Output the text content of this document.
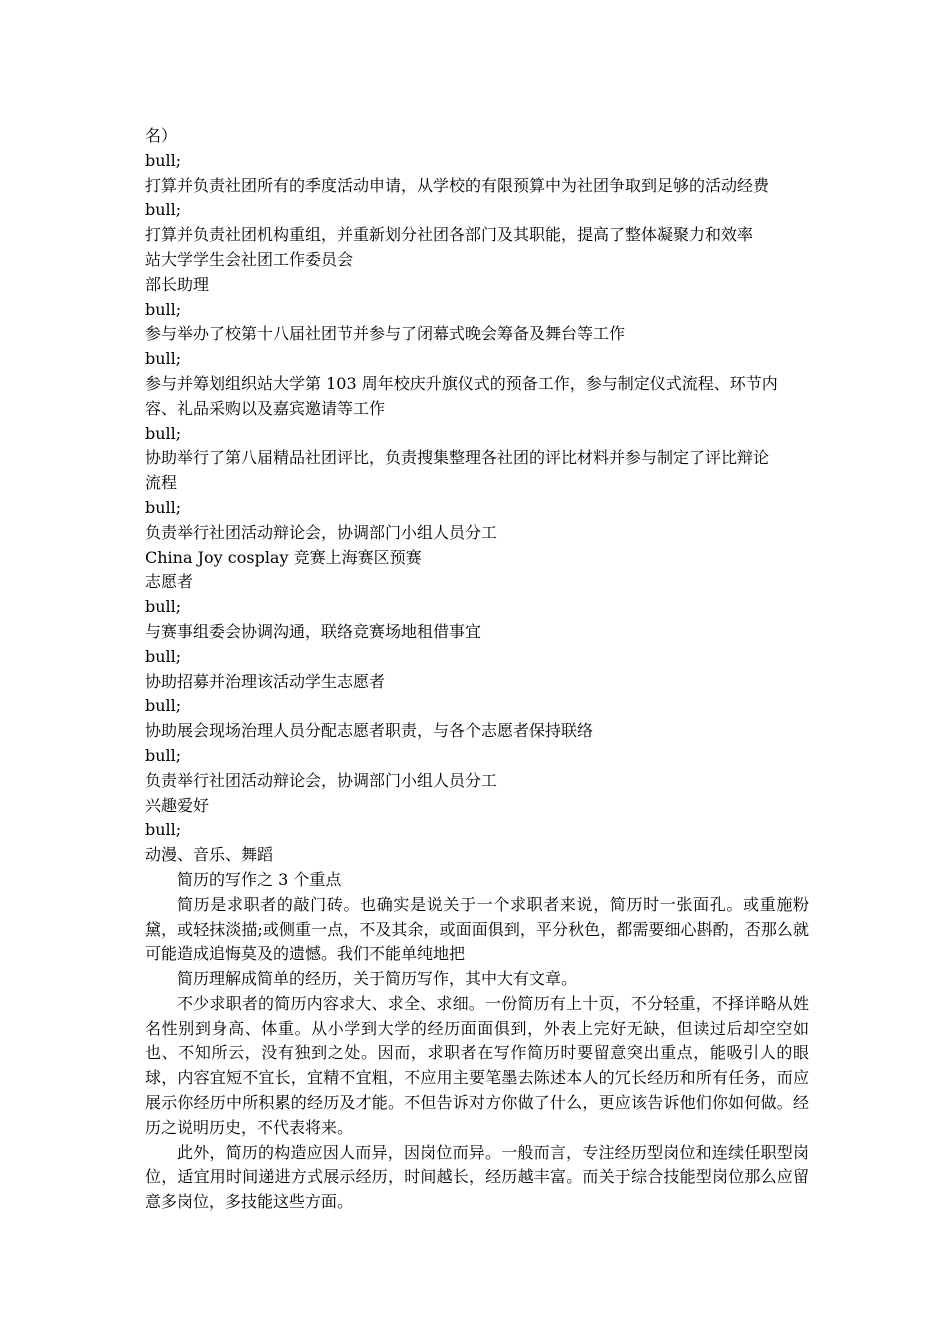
名）
bull;
打算并负责社团所有的季度活动申请，从学校的有限预算中为社团争取到足够的活动经费
bull;
打算并负责社团机构重组，并重新划分社团各部门及其职能，提高了整体凝聚力和效率
站大学学生会社团工作委员会
部长助理
bull;
参与举办了校第十八届社团节并参与了闭幕式晚会筹备及舞台等工作
bull;
参与并筹划组织站大学第 103 周年校庆升旗仪式的预备工作，参与制定仪式流程、环节内
容、礼品采购以及嘉宾邀请等工作
bull;
协助举行了第八届精品社团评比，负责搜集整理各社团的评比材料并参与制定了评比辩论
流程
bull;
负责举行社团活动辩论会，协调部门小组人员分工
China Joy cosplay 竞赛上海赛区预赛
志愿者
bull;
与赛事组委会协调沟通，联络竞赛场地租借事宜
bull;
协助招募并治理该活动学生志愿者
bull;
协助展会现场治理人员分配志愿者职责，与各个志愿者保持联络
bull;
负责举行社团活动辩论会，协调部门小组人员分工
兴趣爱好
bull;
动漫、音乐、舞蹈

简历的写作之 3 个重点

简历是求职者的敲门砖。也确实是说关于一个求职者来说，简历时一张面孔。或重施粉黛，或轻抹淡描;或侧重一点，不及其余，或面面俱到，平分秋色，都需要细心斟酌，否那么就可能造成追悔莫及的遗憾。我们不能单纯地把

简历理解成简单的经历，关于简历写作，其中大有文章。

不少求职者的简历内容求大、求全、求细。一份简历有上十页，不分轻重，不择详略从姓名性别到身高、体重。从小学到大学的经历面面俱到，外表上完好无缺，但读过后却空空如也、不知所云，没有独到之处。因而，求职者在写作简历时要留意突出重点，能吸引人的眼球，内容宜短不宜长，宜精不宜粗，不应用主要笔墨去陈述本人的冗长经历和所有任务，而应展示你经历中所积累的经历及才能。不但告诉对方你做了什么，更应该告诉他们你如何做。经历之说明历史，不代表将来。

此外，简历的构造应因人而异，因岗位而异。一般而言，专注经历型岗位和连续任职型岗位，适宜用时间递进方式展示经历，时间越长，经历越丰富。而关于综合技能型岗位那么应留意多岗位，多技能这些方面。
